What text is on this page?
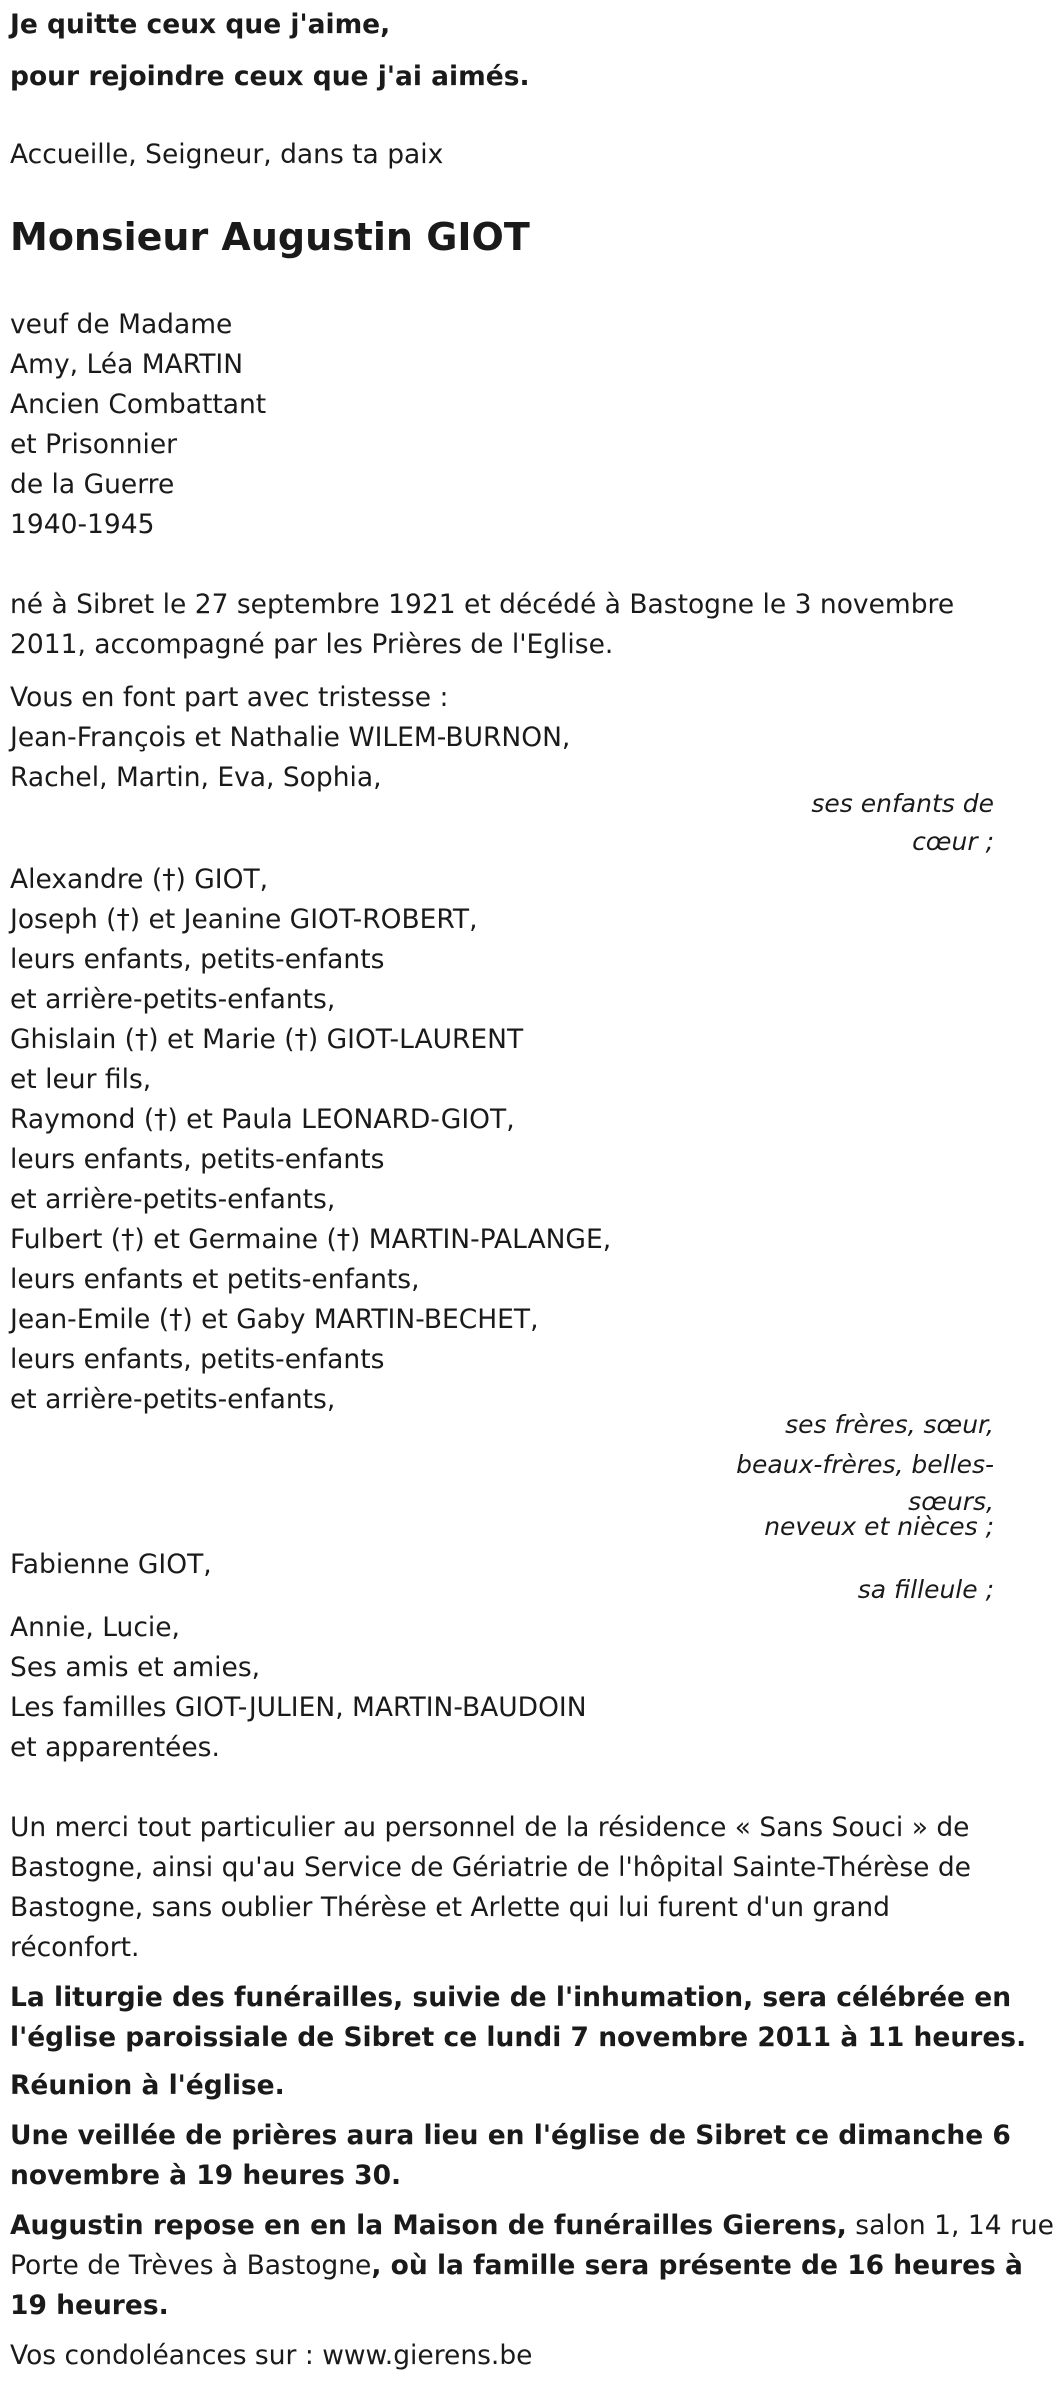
Je quitte ceux que j'aime,
pour rejoindre ceux que j'ai aimés.
Accueille, Seigneur, dans ta paix
Monsieur Augustin GIOT
veuf de Madame
Amy, Léa MARTIN
Ancien Combattant
et Prisonnier
de la Guerre
1940-1945
né à Sibret le 27 septembre 1921 et décédé à Bastogne le 3 novembre
2011, accompagné par les Prières de l'Eglise.
Vous en font part avec tristesse :
Jean-François et Nathalie WILEM-BURNON,
Rachel, Martin, Eva, Sophia,
ses enfants de
cœur ;
Alexandre (†) GIOT,
Joseph (†) et Jeanine GIOT-ROBERT,
leurs enfants, petits-enfants
et arrière-petits-enfants,
Ghislain (†) et Marie (†) GIOT-LAURENT
et leur fils,
Raymond (†) et Paula LEONARD-GIOT,
leurs enfants, petits-enfants
et arrière-petits-enfants,
Fulbert (†) et Germaine (†) MARTIN-PALANGE,
leurs enfants et petits-enfants,
Jean-Emile (†) et Gaby MARTIN-BECHET,
leurs enfants, petits-enfants
et arrière-petits-enfants,
ses frères, sœur,
beaux-frères, belles-
sœurs,
neveux et nièces ;
Fabienne GIOT,
sa filleule ;
Annie, Lucie,
Ses amis et amies,
Les familles GIOT-JULIEN, MARTIN-BAUDOIN
et apparentées.
Un merci tout particulier au personnel de la résidence « Sans Souci » de
Bastogne, ainsi qu'au Service de Gériatrie de l'hôpital Sainte-Thérèse de
Bastogne, sans oublier Thérèse et Arlette qui lui furent d'un grand
réconfort.
La liturgie des funérailles, suivie de l'inhumation, sera célébrée en
l'église paroissiale de Sibret ce lundi 7 novembre 2011 à 11 heures.
Réunion à l'église.
Une veillée de prières aura lieu en l'église de Sibret ce dimanche 6
novembre à 19 heures 30.
Augustin repose en en la Maison de funérailles Gierens, salon 1, 14 rue
Porte de Trèves à Bastogne, où la famille sera présente de 16 heures à
19 heures.
Vos condoléances sur : www.gierens.be
